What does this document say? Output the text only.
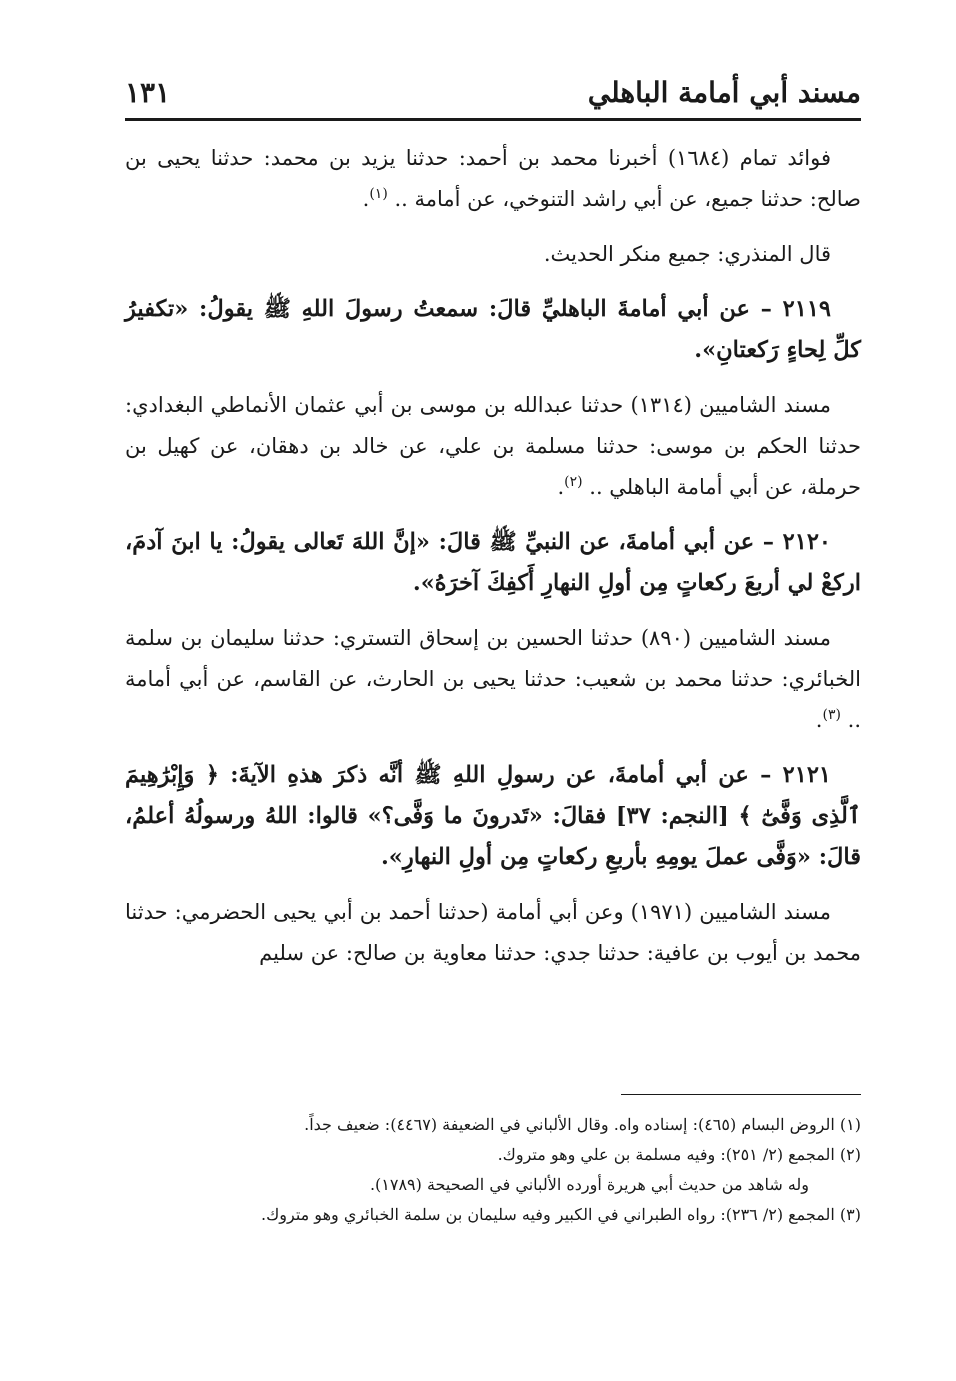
مسند أبي أمامة الباهلي
١٣١

فوائد تمام (١٦٨٤) أخبرنا محمد بن أحمد: حدثنا يزيد بن محمد: حدثنا يحيى بن صالح: حدثنا جميع، عن أبي راشد التنوخي، عن أمامة .. $^{(١)}$.

قال المنذري: جميع منكر الحديث.

٢١١٩ – عن أبي أمامةَ الباهليِّ قالَ: سمعتُ رسولَ اللهِ ﷺ يقولُ: «تكفيرُ كلِّ لِحاءٍ رَكعتانِ».

مسند الشاميين (١٣١٤) حدثنا عبدالله بن موسى بن أبي عثمان الأنماطي البغدادي: حدثنا الحكم بن موسى: حدثنا مسلمة بن علي، عن خالد بن دهقان، عن كهيل بن حرملة، عن أبي أمامة الباهلي .. $^{(٢)}$.

٢١٢٠ – عن أبي أمامةَ، عن النبيِّ ﷺ قالَ: «إنَّ اللهَ تَعالى يقولُ: يا ابنَ آدمَ، اركعْ لي أربعَ ركعاتٍ مِن أولِ النهارِ أَكفِكَ آخرَهُ».

مسند الشاميين (٨٩٠) حدثنا الحسين بن إسحاق التستري: حدثنا سليمان بن سلمة الخبائري: حدثنا محمد بن شعيب: حدثنا يحيى بن الحارث، عن القاسم، عن أبي أمامة .. $^{(٣)}$.

٢١٢١ – عن أبي أمامةَ، عن رسولِ اللهِ ﷺ أنَّه ذكرَ هذهِ الآيةَ: ﴿ وَإِبْرَٰهِيمَ ٱلَّذِى وَفَّىٰٓ ﴾ [النجم: ٣٧] فقالَ: «تَدرونَ ما وَفَّى؟» قالوا: اللهُ ورسولُهُ أعلمُ، قالَ: «وَفَّى عملَ يومِهِ بأربعِ ركعاتٍ مِن أولِ النهارِ».

مسند الشاميين (١٩٧١) وعن أبي أمامة (حدثنا أحمد بن أبي يحيى الحضرمي: حدثنا محمد بن أيوب بن عافية: حدثنا جدي: حدثنا معاوية بن صالح: عن سليم

(١) الروض البسام (٤٦٥): إسناده واه. وقال الألباني في الضعيفة (٤٤٦٧): ضعيف جداً.

(٢) المجمع (٢/ ٢٥١): وفيه مسلمة بن علي وهو متروك.

وله شاهد من حديث أبي هريرة أورده الألباني في الصحيحة (١٧٨٩).

(٣) المجمع (٢/ ٢٣٦): رواه الطبراني في الكبير وفيه سليمان بن سلمة الخبائري وهو متروك.
